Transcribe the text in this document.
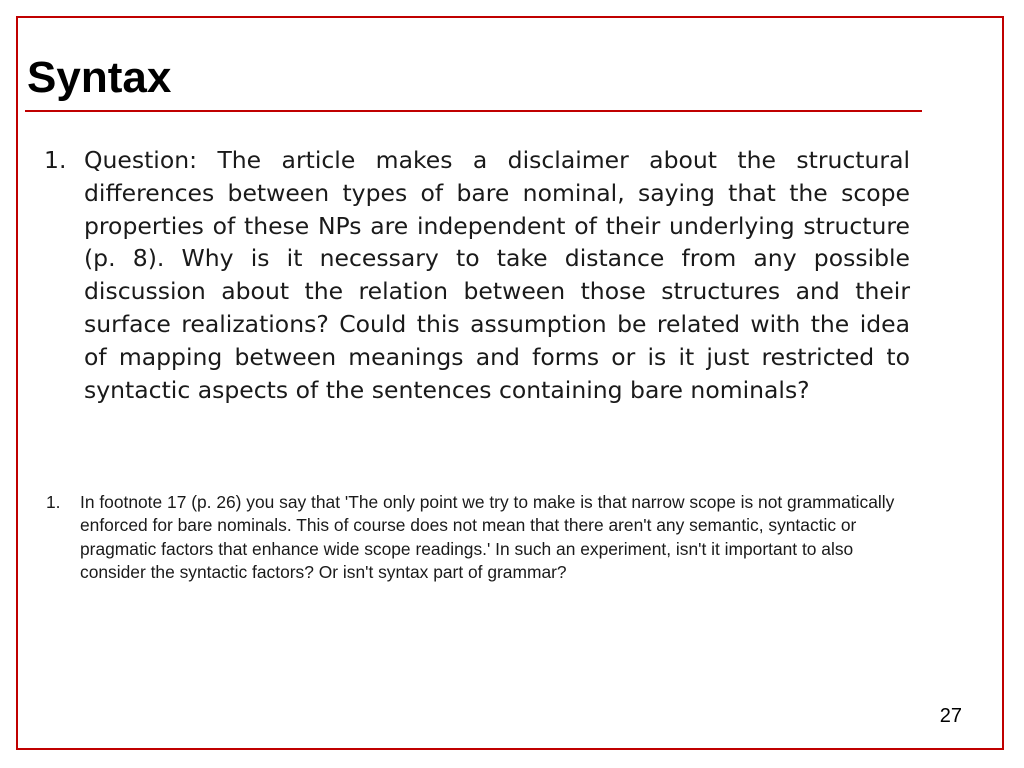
Syntax
1. Question: The article makes a disclaimer about the structural differences between types of bare nominal, saying that the scope properties of these NPs are independent of their underlying structure (p. 8). Why is it necessary to take distance from any possible discussion about the relation between those structures and their surface realizations? Could this assumption be related with the idea of mapping between meanings and forms or is it just restricted to syntactic aspects of the sentences containing bare nominals?
1.	In footnote 17 (p. 26) you say that 'The only point we try to make is that narrow scope is not grammatically enforced for bare nominals. This of course does not mean that there aren't any semantic, syntactic or pragmatic factors that enhance wide scope readings.' In such an experiment, isn't it important to also consider the syntactic factors? Or isn't syntax part of grammar?
27
